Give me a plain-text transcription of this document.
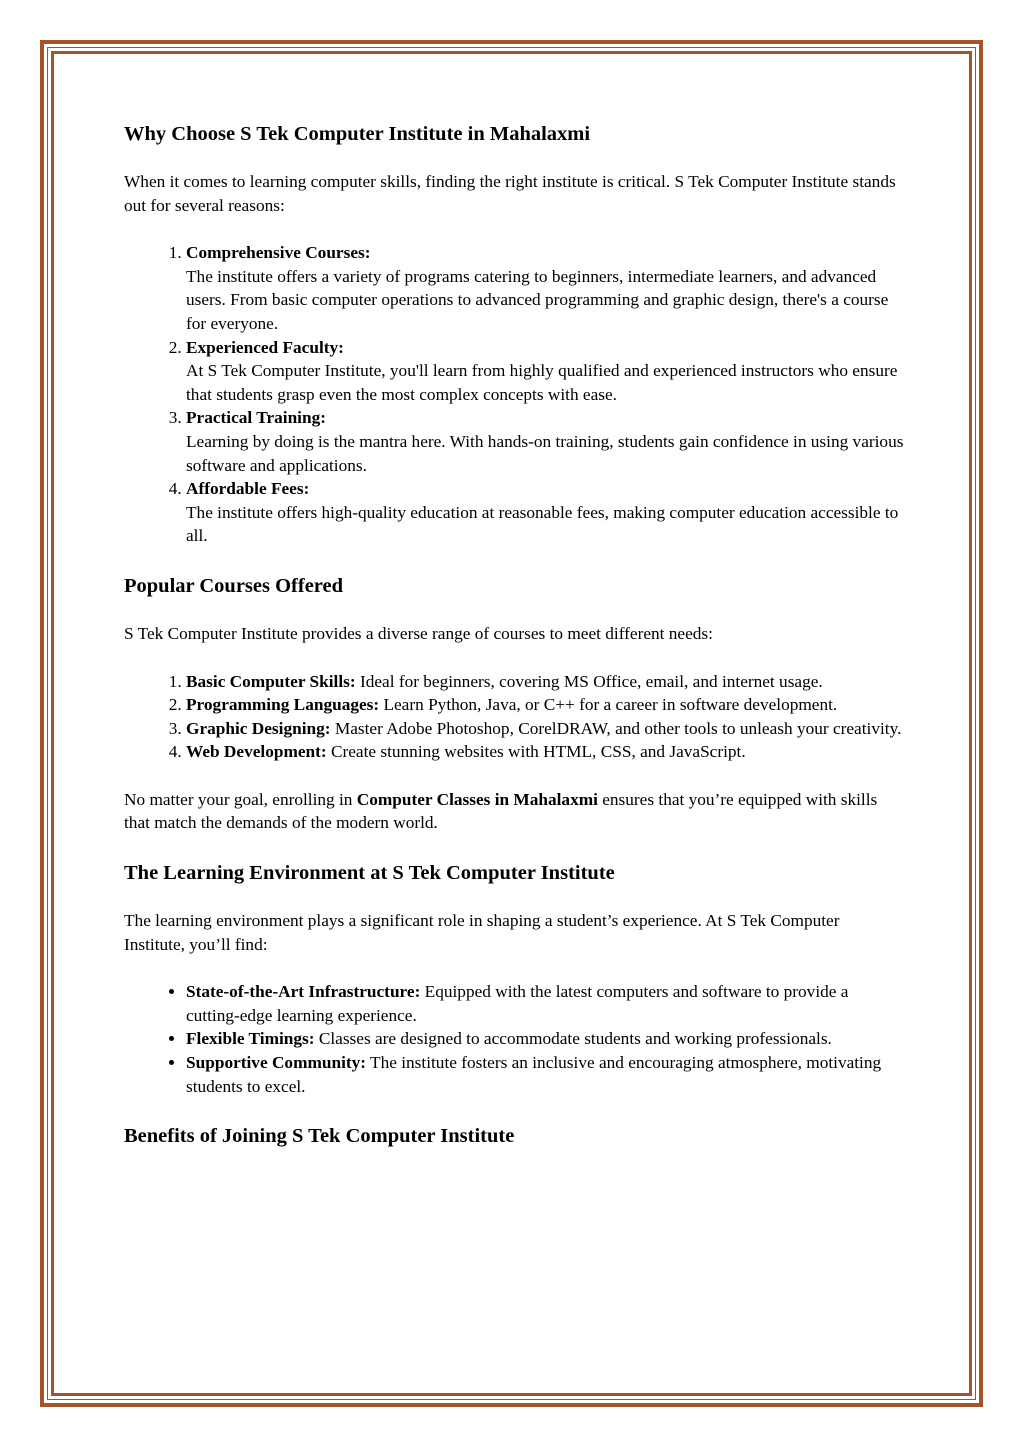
Why Choose S Tek Computer Institute in Mahalaxmi

When it comes to learning computer skills, finding the right institute is critical. S Tek Computer Institute stands out for several reasons:

1. Comprehensive Courses:
The institute offers a variety of programs catering to beginners, intermediate learners, and advanced users. From basic computer operations to advanced programming and graphic design, there's a course for everyone.
2. Experienced Faculty:
At S Tek Computer Institute, you'll learn from highly qualified and experienced instructors who ensure that students grasp even the most complex concepts with ease.
3. Practical Training:
Learning by doing is the mantra here. With hands-on training, students gain confidence in using various software and applications.
4. Affordable Fees:
The institute offers high-quality education at reasonable fees, making computer education accessible to all.
Popular Courses Offered

S Tek Computer Institute provides a diverse range of courses to meet different needs:

1. Basic Computer Skills: Ideal for beginners, covering MS Office, email, and internet usage.
2. Programming Languages: Learn Python, Java, or C++ for a career in software development.
3. Graphic Designing: Master Adobe Photoshop, CorelDRAW, and other tools to unleash your creativity.
4. Web Development: Create stunning websites with HTML, CSS, and JavaScript.

No matter your goal, enrolling in Computer Classes in Mahalaxmi ensures that you’re equipped with skills that match the demands of the modern world.

The Learning Environment at S Tek Computer Institute

The learning environment plays a significant role in shaping a student’s experience. At S Tek Computer Institute, you’ll find:

• State-of-the-Art Infrastructure: Equipped with the latest computers and software to provide a cutting-edge learning experience.
• Flexible Timings: Classes are designed to accommodate students and working professionals.
• Supportive Community: The institute fosters an inclusive and encouraging atmosphere, motivating students to excel.
Benefits of Joining S Tek Computer Institute
